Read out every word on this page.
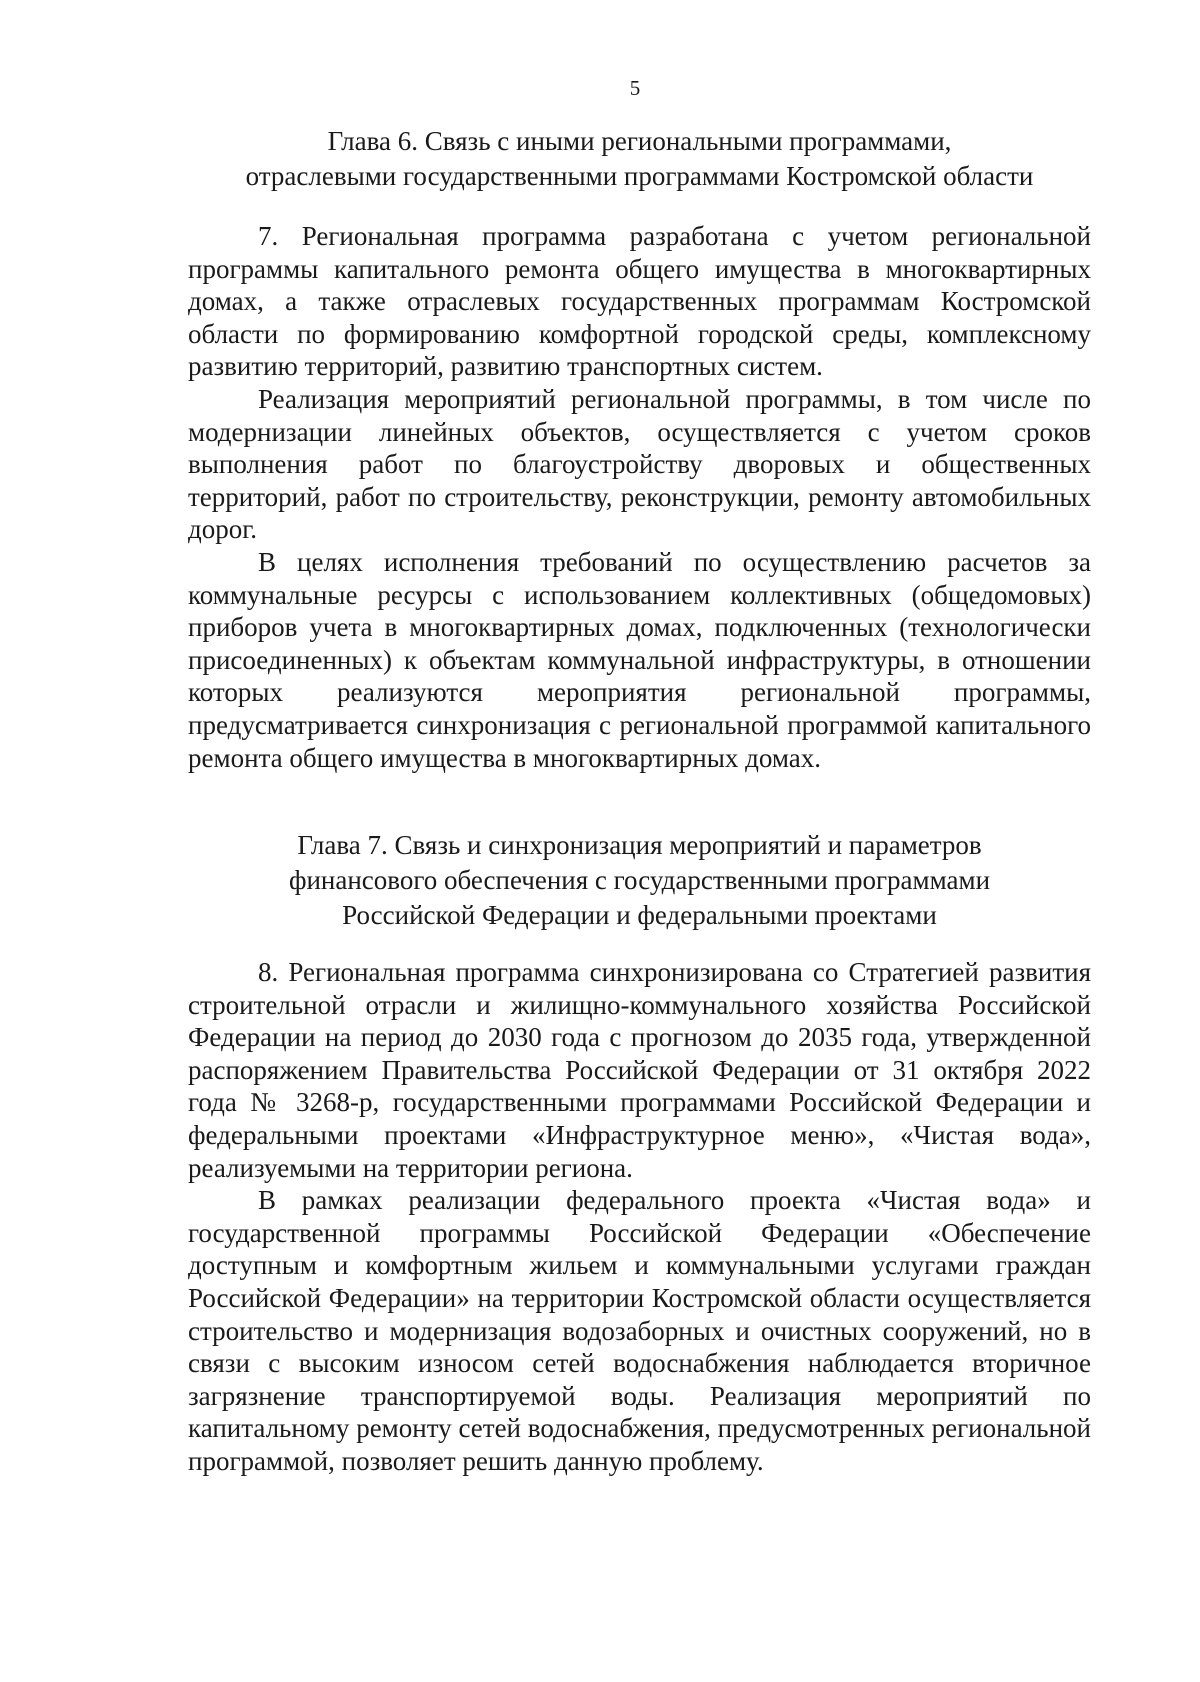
5
Глава 6. Связь с иными региональными программами,
отраслевыми государственными программами Костромской области

7. Региональная программа разработана с учетом региональной программы капитального ремонта общего имущества в многоквартирных домах, а также отраслевых государственных программам Костромской области по формированию комфортной городской среды, комплексному развитию территорий, развитию транспортных систем.

Реализация мероприятий региональной программы, в том числе по модернизации линейных объектов, осуществляется с учетом сроков выполнения работ по благоустройству дворовых и общественных территорий, работ по строительству, реконструкции, ремонту автомобильных дорог.

В целях исполнения требований по осуществлению расчетов за коммунальные ресурсы с использованием коллективных (общедомовых) приборов учета в многоквартирных домах, подключенных (технологически присоединенных) к объектам коммунальной инфраструктуры, в отношении которых реализуются мероприятия региональной программы, предусматривается синхронизация с региональной программой капитального ремонта общего имущества в многоквартирных домах.

Глава 7. Связь и синхронизация мероприятий и параметров
финансового обеспечения с государственными программами
Российской Федерации и федеральными проектами

8. Региональная программа синхронизирована со Стратегией развития строительной отрасли и жилищно-коммунального хозяйства Российской Федерации на период до 2030 года с прогнозом до 2035 года, утвержденной распоряжением Правительства Российской Федерации от 31 октября 2022 года № 3268-р, государственными программами Российской Федерации и федеральными проектами «Инфраструктурное меню», «Чистая вода», реализуемыми на территории региона.

В рамках реализации федерального проекта «Чистая вода» и государственной программы Российской Федерации «Обеспечение доступным и комфортным жильем и коммунальными услугами граждан Российской Федерации» на территории Костромской области осуществляется строительство и модернизация водозаборных и очистных сооружений, но в связи с высоким износом сетей водоснабжения наблюдается вторичное загрязнение транспортируемой воды. Реализация мероприятий по капитальному ремонту сетей водоснабжения, предусмотренных региональной программой, позволяет решить данную проблему.
